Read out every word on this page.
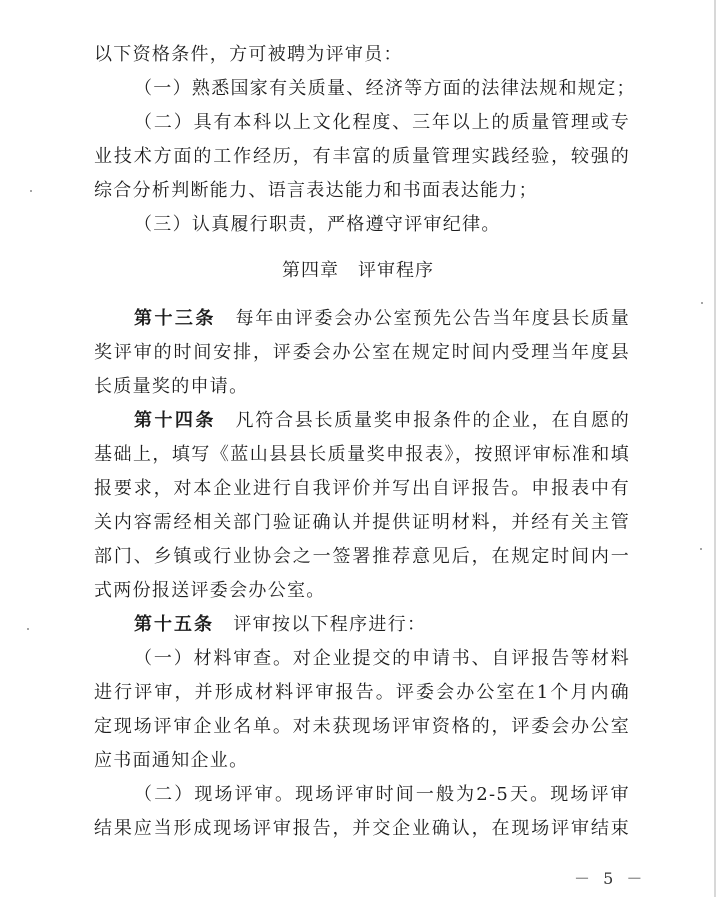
以下资格条件，方可被聘为评审员：
（一）熟悉国家有关质量、经济等方面的法律法规和规定；
（二）具有本科以上文化程度、三年以上的质量管理或专
业技术方面的工作经历，有丰富的质量管理实践经验，较强的
综合分析判断能力、语言表达能力和书面表达能力；
（三）认真履行职责，严格遵守评审纪律。
第四章　评审程序
第十三条　 每年由评委会办公室预先公告当年度县长质量
奖评审的时间安排，评委会办公室在规定时间内受理当年度县
长质量奖的申请。
第十四条　 凡符合县长质量奖申报条件的企业，在自愿的
基础上，填写《蓝山县县长质量奖申报表》，按照评审标准和填
报要求，对本企业进行自我评价并写出自评报告。申报表中有
关内容需经相关部门验证确认并提供证明材料，并经有关主管
部门、乡镇或行业协会之一签署推荐意见后，在规定时间内一
式两份报送评委会办公室。
第十五条　 评审按以下程序进行：
（一）材料审查。对企业提交的申请书、自评报告等材料
进行评审，并形成材料评审报告。评委会办公室在1个月内确
定现场评审企业名单。对未获现场评审资格的，评委会办公室
应书面通知企业。
（二）现场评审。现场评审时间一般为2-5天。现场评审
结果应当形成现场评审报告，并交企业确认，在现场评审结束
－ 5 －
